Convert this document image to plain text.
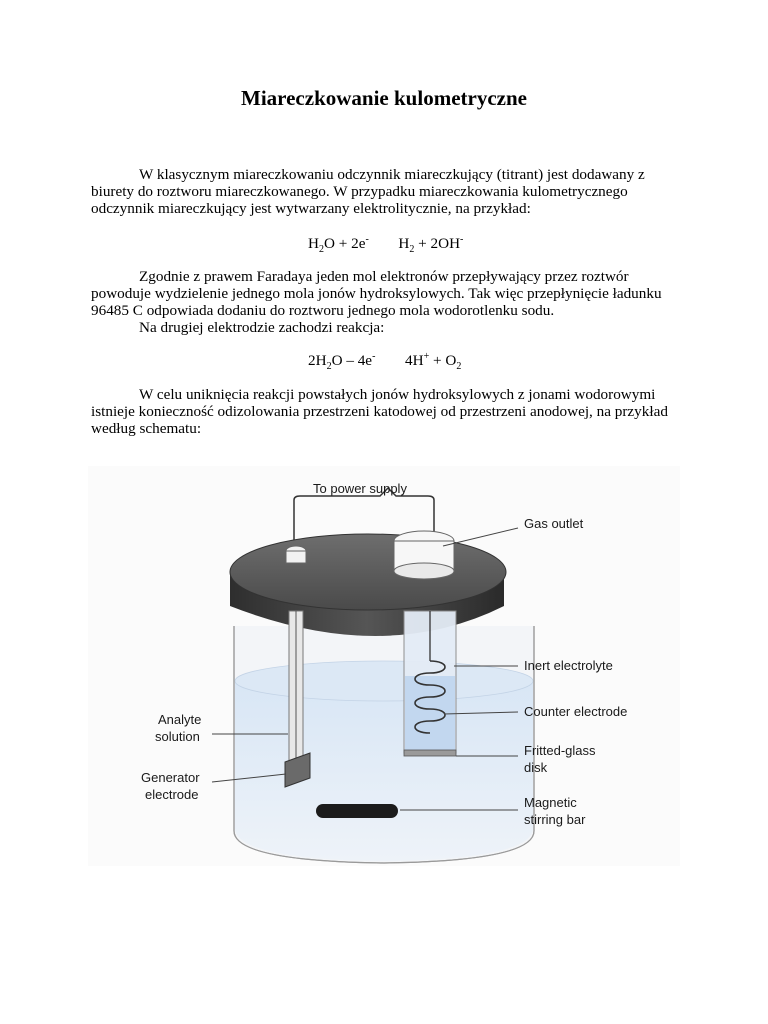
Miareczkowanie kulometryczne

W klasycznym miareczkowaniu odczynnik miareczkujący (titrant) jest dodawany z biurety do roztworu miareczkowanego. W przypadku miareczkowania kulometrycznego odczynnik miareczkujący jest wytwarzany elektrolitycznie, na przykład:

$H_2O + 2e^-$ $H_2 + 2OH^-$

Zgodnie z prawem Faradaya jeden mol elektronów przepływający przez roztwór powoduje wydzielenie jednego mola jonów hydroksylowych. Tak więc przepłynięcie ładunku 96485 C odpowiada dodaniu do roztworu jednego mola wodorotlenku sodu.

Na drugiej elektrodzie zachodzi reakcja:

$2H_2O - 4e^-$ $4H^+ + O_2$

W celu uniknięcia reakcji powstałych jonów hydroksylowych z jonami wodorowymi istnieje konieczność odizolowania przestrzeni katodowej od przestrzeni anodowej, na przykład według schematu:

To power supply
Gas outlet
Inert electrolyte
Counter electrode
Fritted-glass
disk
Magnetic
stirring bar
Analyte
solution
Generator
electrode
